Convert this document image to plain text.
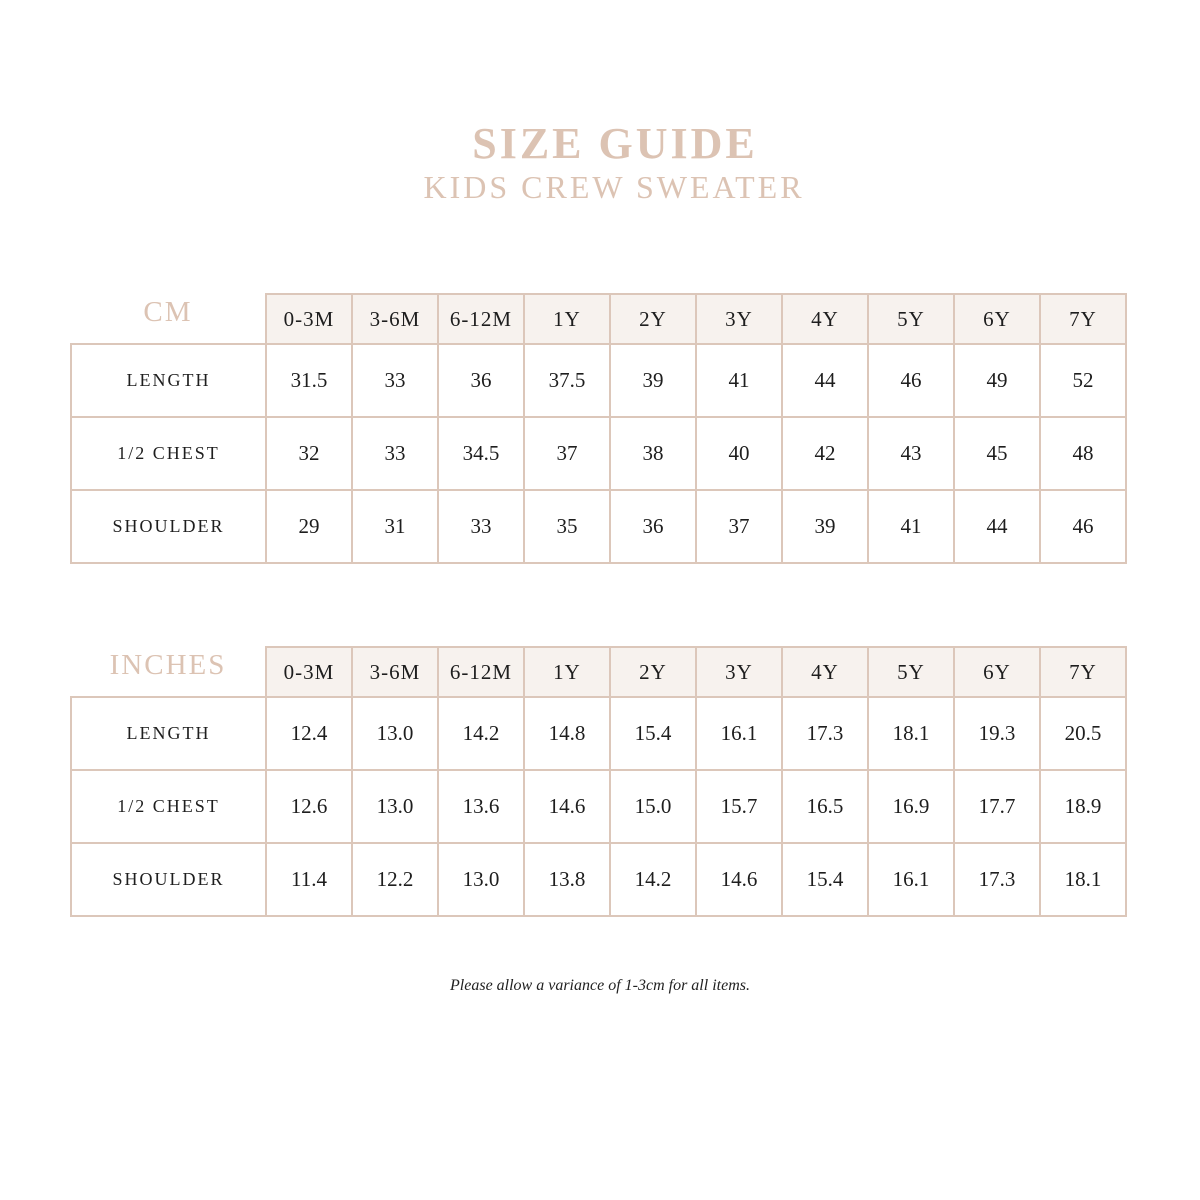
SIZE GUIDE
KIDS CREW SWEATER
CM	0-3M	3-6M	6-12M	1Y	2Y	3Y	4Y	5Y	6Y	7Y
LENGTH	31.5	33	36	37.5	39	41	44	46	49	52
1/2 CHEST	32	33	34.5	37	38	40	42	43	45	48
SHOULDER	29	31	33	35	36	37	39	41	44	46
INCHES	0-3M	3-6M	6-12M	1Y	2Y	3Y	4Y	5Y	6Y	7Y
LENGTH	12.4	13.0	14.2	14.8	15.4	16.1	17.3	18.1	19.3	20.5
1/2 CHEST	12.6	13.0	13.6	14.6	15.0	15.7	16.5	16.9	17.7	18.9
SHOULDER	11.4	12.2	13.0	13.8	14.2	14.6	15.4	16.1	17.3	18.1
Please allow a variance of 1-3cm for all items.
